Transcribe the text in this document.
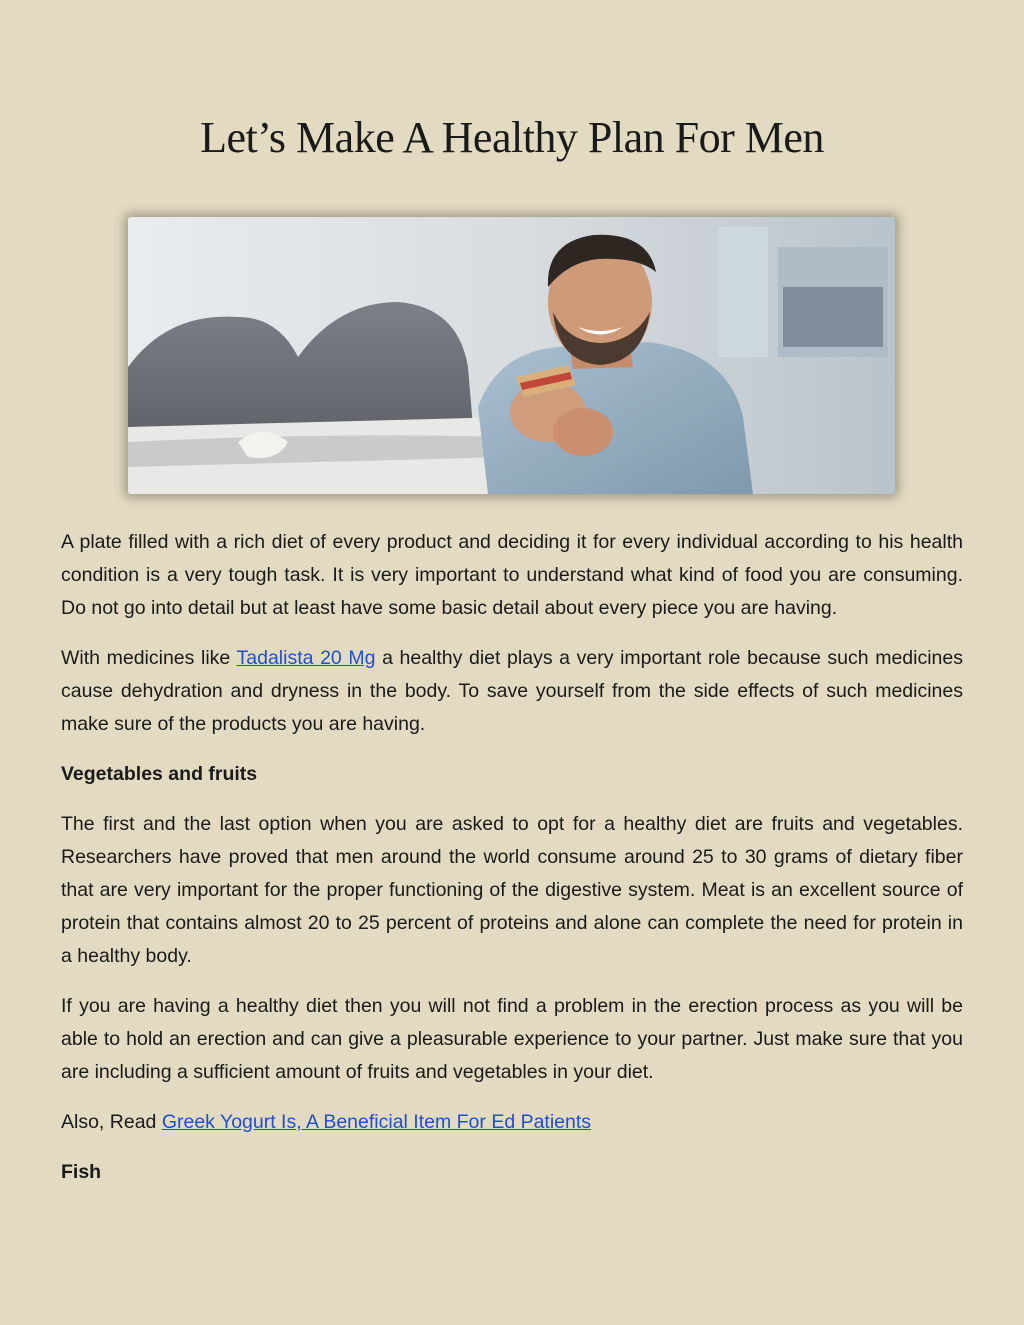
Let’s Make A Healthy Plan For Men

A plate filled with a rich diet of every product and deciding it for every individual according to his health condition is a very tough task. It is very important to understand what kind of food you are consuming. Do not go into detail but at least have some basic detail about every piece you are having.

With medicines like Tadalista 20 Mg a healthy diet plays a very important role because such medicines cause dehydration and dryness in the body. To save yourself from the side effects of such medicines make sure of the products you are having.

Vegetables and fruits

The first and the last option when you are asked to opt for a healthy diet are fruits and vegetables. Researchers have proved that men around the world consume around 25 to 30 grams of dietary fiber that are very important for the proper functioning of the digestive system. Meat is an excellent source of protein that contains almost 20 to 25 percent of proteins and alone can complete the need for protein in a healthy body.

If you are having a healthy diet then you will not find a problem in the erection process as you will be able to hold an erection and can give a pleasurable experience to your partner. Just make sure that you are including a sufficient amount of fruits and vegetables in your diet.

Also, Read Greek Yogurt Is, A Beneficial Item For Ed Patients

Fish
